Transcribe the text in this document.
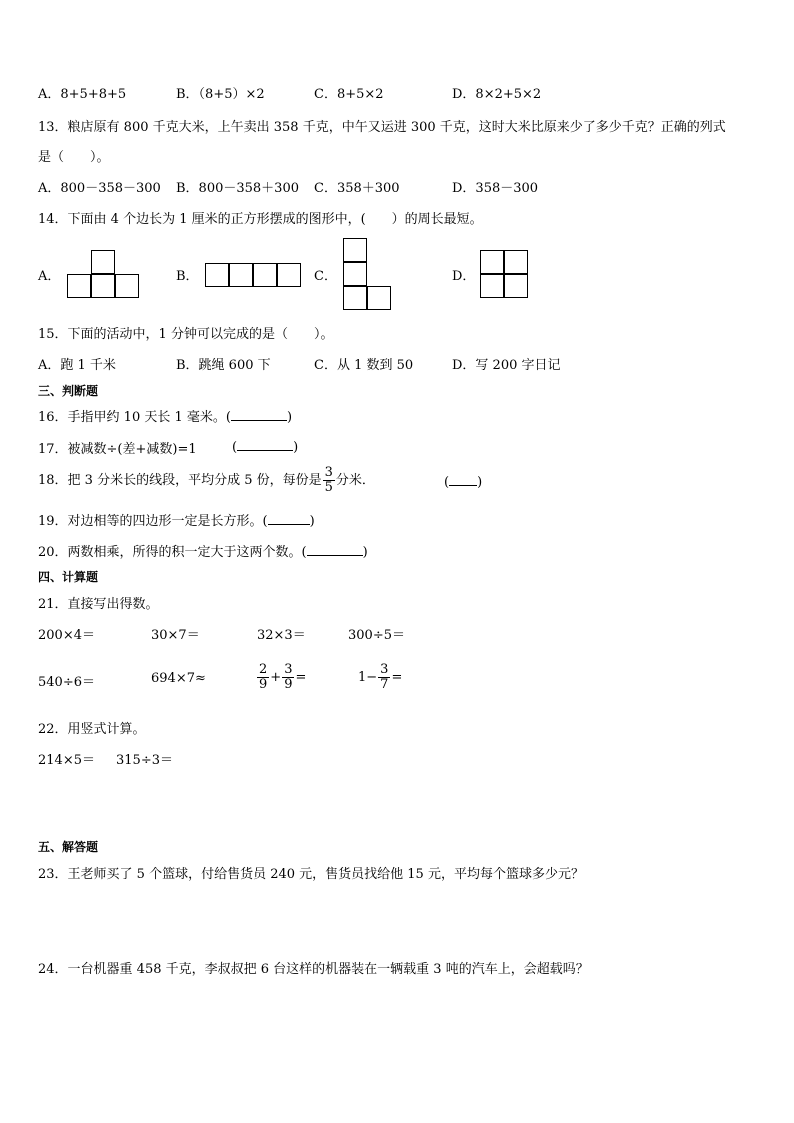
A．8+5+8+5	B．（8+5）×2	C．8+5×2	D．8×2+5×2
13．粮店原有 800 千克大米，上午卖出 358 千克，中午又运进 300 千克，这时大米比原来少了多少千克？正确的列式
是（　　）。
A．800－358－300 B．800－358＋300 C．358＋300	D．358－300
14．下面由 4 个边长为 1 厘米的正方形摆成的图形中，(　　）的周长最短。
A．	B．	C．	D．
15．下面的活动中，1 分钟可以完成的是（　　）。
A．跑 1 千米	B．跳绳 600 下	C．从 1 数到 50	D．写 200 字日记
三、判断题
16．手指甲约 10 天长 1 毫米。(	)
17．被减数÷(差+减数)=1	(	)
18．把 3 分米长的线段，平均分成 5 份，每份是 $\frac{3}{5}$ 分米．	( )
19．对边相等的四边形一定是长方形。(	)
20．两数相乘，所得的积一定大于这两个数。(	)
四、计算题
21．直接写出得数。
200×4＝	30×7＝	32×3＝	300÷5＝
540÷6＝	694×7≈	$\frac{2}{9} + \frac{3}{9}$ =	$1- \frac{3}{7}$ =
22．用竖式计算。
214×5＝ 315÷3＝
五、解答题
23．王老师买了 5 个篮球，付给售货员 240 元，售货员找给他 15 元，平均每个篮球多少元？
24．一台机器重 458 千克，李叔叔把 6 台这样的机器装在一辆载重 3 吨的汽车上，会超载吗？
